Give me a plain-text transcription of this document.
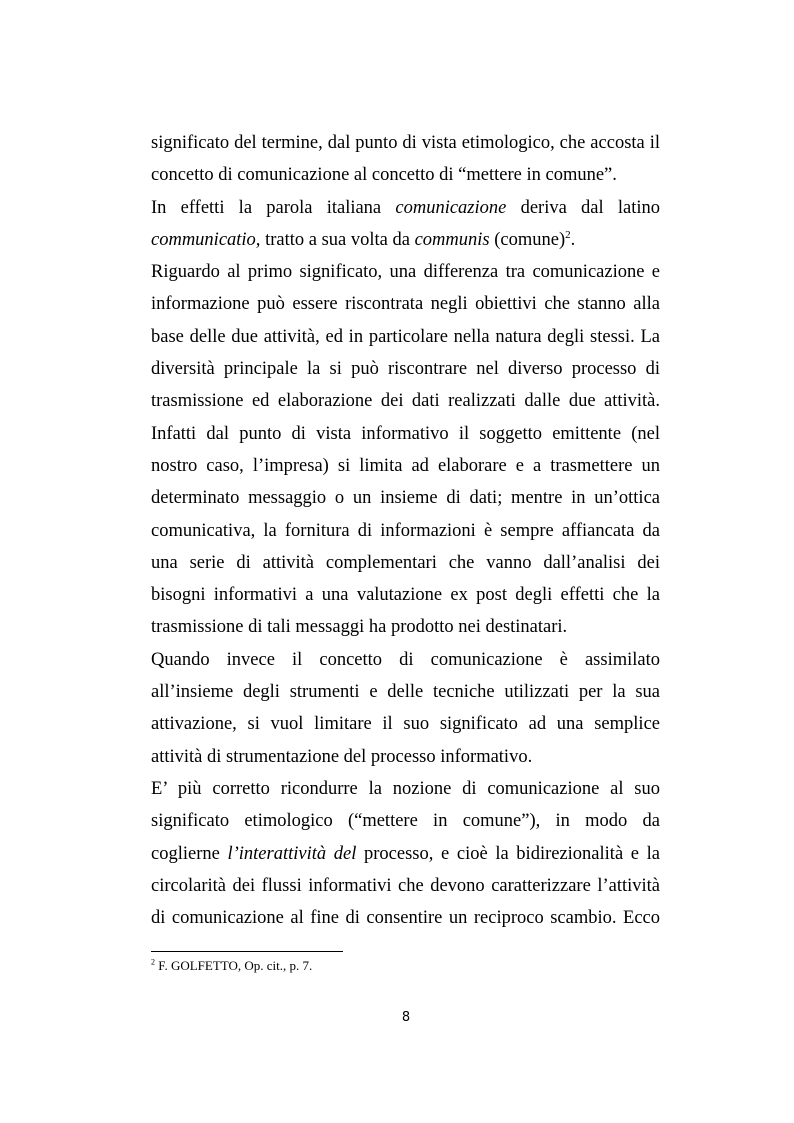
significato del termine, dal punto di vista etimologico, che accosta il
concetto di comunicazione al concetto di “mettere in comune”.
In effetti la parola italiana comunicazione deriva dal latino
communicatio, tratto a sua volta da communis (comune)$^2$.
Riguardo al primo significato, una differenza tra comunicazione e
informazione può essere riscontrata negli obiettivi che stanno alla
base delle due attività, ed in particolare nella natura degli stessi. La
diversità principale la si può riscontrare nel diverso processo di
trasmissione ed elaborazione dei dati realizzati dalle due attività.
Infatti dal punto di vista informativo il soggetto emittente (nel
nostro caso, l’impresa) si limita ad elaborare e a trasmettere un
determinato messaggio o un insieme di dati; mentre in un’ottica
comunicativa, la fornitura di informazioni è sempre affiancata da
una serie di attività complementari che vanno dall’analisi dei
bisogni informativi a una valutazione ex post degli effetti che la
trasmissione di tali messaggi ha prodotto nei destinatari.
Quando invece il concetto di comunicazione è assimilato
all’insieme degli strumenti e delle tecniche utilizzati per la sua
attivazione, si vuol limitare il suo significato ad una semplice
attività di strumentazione del processo informativo.
E’ più corretto ricondurre la nozione di comunicazione al suo
significato etimologico (“mettere in comune”), in modo da
coglierne l’interattività del processo, e cioè la bidirezionalità e la
circolarità dei flussi informativi che devono caratterizzare l’attività
di comunicazione al fine di consentire un reciproco scambio. Ecco
$^2$ F. GOLFETTO, Op. cit., p. 7.
8
